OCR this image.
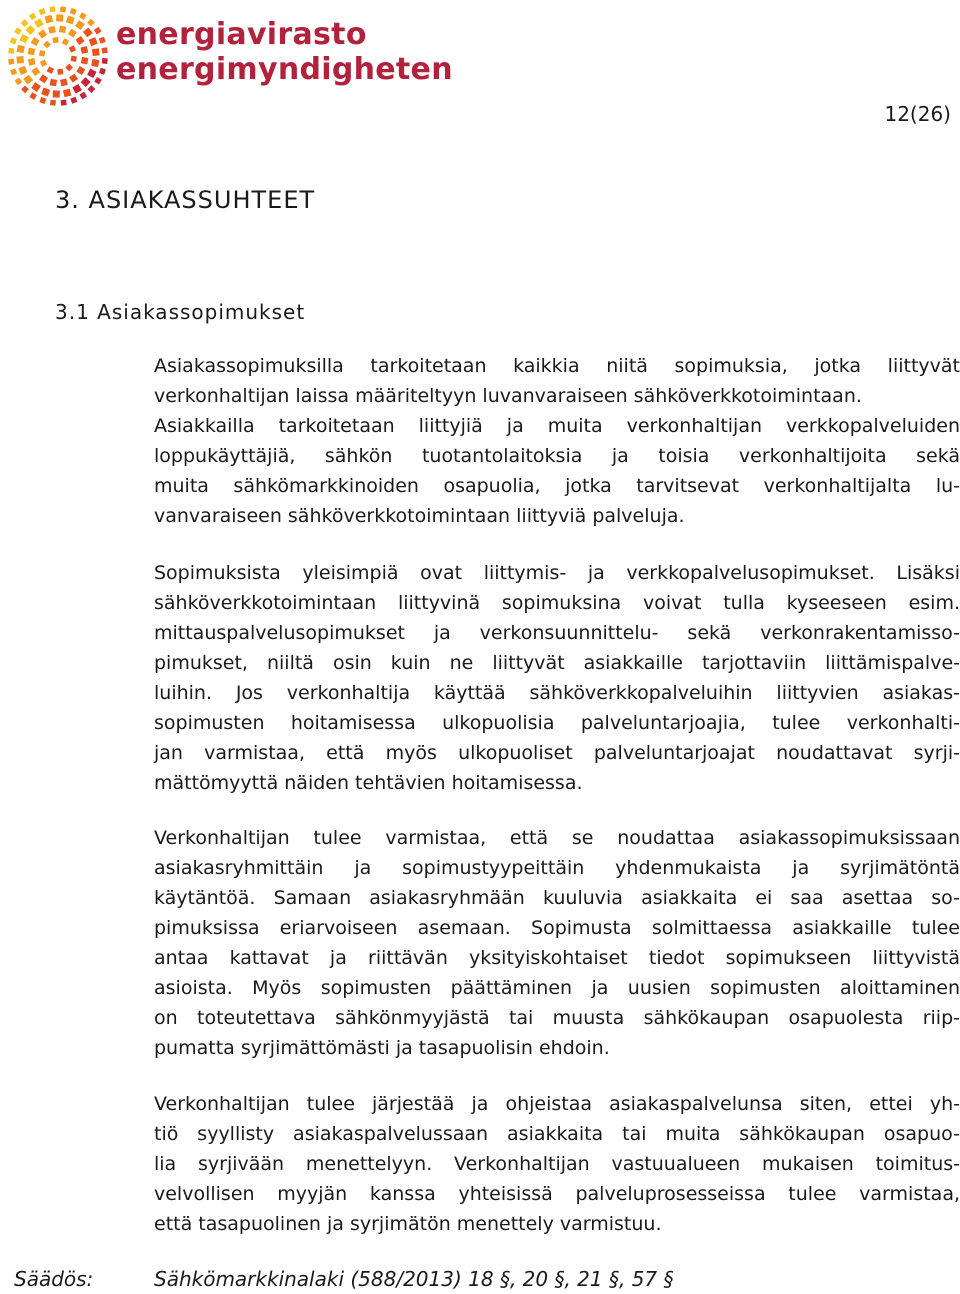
energiavirasto
energimyndigheten
12(26)
3. ASIAKASSUHTEET
3.1 Asiakassopimukset
Asiakassopimuksilla tarkoitetaan kaikkia niitä sopimuksia, jotka liittyvät
verkonhaltijan laissa määriteltyyn luvanvaraiseen sähköverkkotoimintaan.
Asiakkailla tarkoitetaan liittyjiä ja muita verkonhaltijan verkkopalveluiden
loppukäyttäjiä, sähkön tuotantolaitoksia ja toisia verkonhaltijoita sekä
muita sähkömarkkinoiden osapuolia, jotka tarvitsevat verkonhaltijalta lu-
vanvaraiseen sähköverkkotoimintaan liittyviä palveluja.
Sopimuksista yleisimpiä ovat liittymis- ja verkkopalvelusopimukset. Lisäksi
sähköverkkotoimintaan liittyvinä sopimuksina voivat tulla kyseeseen esim.
mittauspalvelusopimukset ja verkonsuunnittelu- sekä verkonrakentamisso-
pimukset, niiltä osin kuin ne liittyvät asiakkaille tarjottaviin liittämispalve-
luihin. Jos verkonhaltija käyttää sähköverkkopalveluihin liittyvien asiakas-
sopimusten hoitamisessa ulkopuolisia palveluntarjoajia, tulee verkonhalti-
jan varmistaa, että myös ulkopuoliset palveluntarjoajat noudattavat syrji-
mättömyyttä näiden tehtävien hoitamisessa.
Verkonhaltijan tulee varmistaa, että se noudattaa asiakassopimuksissaan
asiakasryhmittäin ja sopimustyypeittäin yhdenmukaista ja syrjimätöntä
käytäntöä. Samaan asiakasryhmään kuuluvia asiakkaita ei saa asettaa so-
pimuksissa eriarvoiseen asemaan. Sopimusta solmittaessa asiakkaille tulee
antaa kattavat ja riittävän yksityiskohtaiset tiedot sopimukseen liittyvistä
asioista. Myös sopimusten päättäminen ja uusien sopimusten aloittaminen
on toteutettava sähkönmyyjästä tai muusta sähkökaupan osapuolesta riip-
pumatta syrjimättömästi ja tasapuolisin ehdoin.
Verkonhaltijan tulee järjestää ja ohjeistaa asiakaspalvelunsa siten, ettei yh-
tiö syyllisty asiakaspalvelussaan asiakkaita tai muita sähkökaupan osapuo-
lia syrjivään menettelyyn. Verkonhaltijan vastuualueen mukaisen toimitus-
velvollisen myyjän kanssa yhteisissä palveluprosesseissa tulee varmistaa,
että tasapuolinen ja syrjimätön menettely varmistuu.
Säädös:	Sähkömarkkinalaki (588/2013) 18 §, 20 §, 21 §, 57 §
